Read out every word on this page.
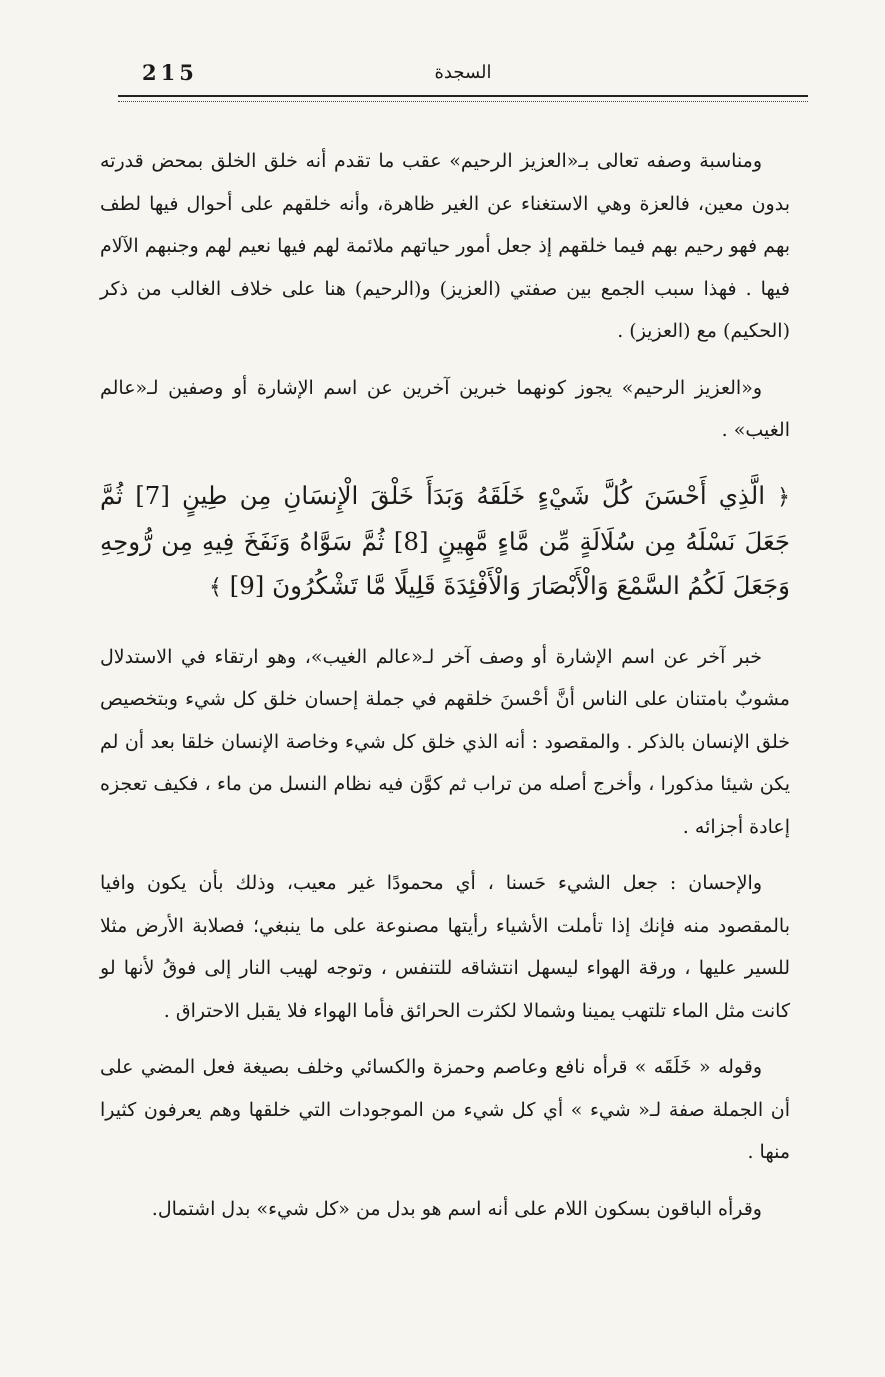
215	السجدة

ومناسبة وصفه تعالى بـ«العزيز الرحيم» عقب ما تقدم أنه خلق الخلق بمحض قدرته بدون معين، فالعزة وهي الاستغناء عن الغير ظاهرة، وأنه خلقهم على أحوال فيها لطف بهم فهو رحيم بهم فيما خلقهم إذ جعل أمور حياتهم ملائمة لهم فيها نعيم لهم وجنبهم الآلام فيها . فهذا سبب الجمع بين صفتي (العزيز) و(الرحيم) هنا على خلاف الغالب من ذكر (الحكيم) مع (العزيز) .

و«العزيز الرحيم» يجوز كونهما خبرين آخرين عن اسم الإشارة أو وصفين لـ«عالم الغيب» .

﴿ الَّذِي أَحْسَنَ كُلَّ شَيْءٍ خَلَقَهُ وَبَدَأَ خَلْقَ الْإِنسَانِ مِن طِينٍ [7] ثُمَّ جَعَلَ نَسْلَهُ مِن سُلَالَةٍ مِّن مَّاءٍ مَّهِينٍ [8] ثُمَّ سَوَّاهُ وَنَفَخَ فِيهِ مِن رُّوحِهِ وَجَعَلَ لَكُمُ السَّمْعَ وَالْأَبْصَارَ وَالْأَفْئِدَةَ قَلِيلًا مَّا تَشْكُرُونَ [9] ﴾

خبر آخر عن اسم الإشارة أو وصف آخر لـ«عالم الغيب»، وهو ارتقاء في الاستدلال مشوبٌ بامتنان على الناس أنَّ أحْسنَ خلقهم في جملة إحسان خلق كل شيء وبتخصيص خلق الإنسان بالذكر . والمقصود : أنه الذي خلق كل شيء وخاصة الإنسان خلقا بعد أن لم يكن شيئا مذكورا ، وأخرج أصله من تراب ثم كوَّن فيه نظام النسل من ماء ، فكيف تعجزه إعادة أجزائه .

والإحسان : جعل الشيء حَسنا ، أي محمودًا غير معيب، وذلك بأن يكون وافيا بالمقصود منه فإنك إذا تأملت الأشياء رأيتها مصنوعة على ما ينبغي؛ فصلابة الأرض مثلا للسير عليها ، ورقة الهواء ليسهل انتشاقه للتنفس ، وتوجه لهيب النار إلى فوقُ لأنها لو كانت مثل الماء تلتهب يمينا وشمالا لكثرت الحرائق فأما الهواء فلا يقبل الاحتراق .

وقوله « خَلَقَه » قرأه نافع وعاصم وحمزة والكسائي وخلف بصيغة فعل المضي على أن الجملة صفة لـ« شيء » أي كل شيء من الموجودات التي خلقها وهم يعرفون كثيرا منها .

وقرأه الباقون بسكون اللام على أنه اسم هو بدل من «كل شيء» بدل اشتمال.
